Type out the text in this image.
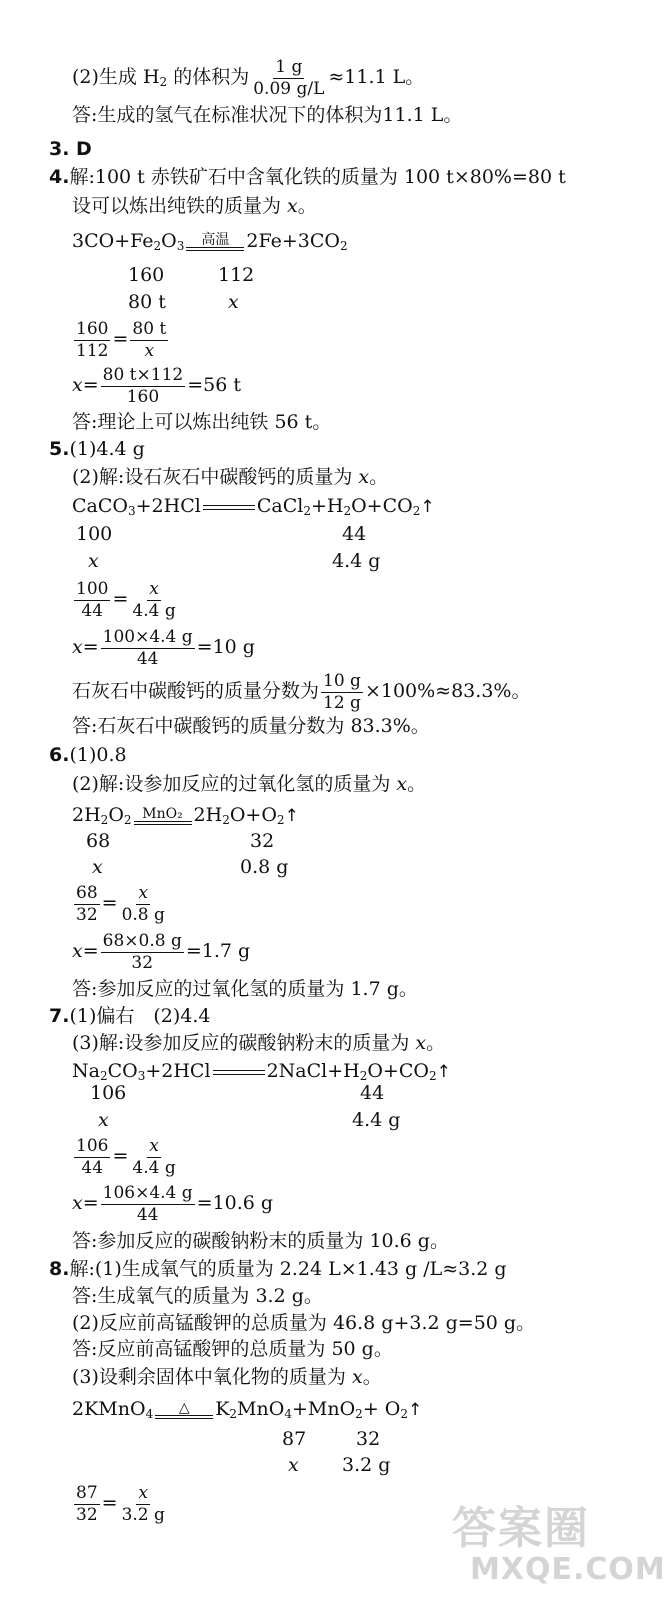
(2)生成 $H_2$ 的体积为 $\frac{1 g}{0.09 g/L} \approx 11.1$ L。
答:生成的氢气在标准状况下的体积为11.1 L。
3. D
4.解:100 t 赤铁矿石中含氧化铁的质量为 100 t×80%=80 t
设可以炼出纯铁的质量为 x。
$3CO+Fe_2O_3$ 高温 $2Fe+3CO_2$
160	112
80 t	x
$\frac{160}{112} = \frac{80 t}{x}$
$x= \frac{80 t\times 112}{160} =56$ t
答:理论上可以炼出纯铁 56 t。
5.(1)4.4 g
(2)解:设石灰石中碳酸钙的质量为 x。
CaCO$_3$+2HCl	$CaCl_2+H_2O+CO_2↑$
100	44
x	4.4 g
$\frac{100}{44} = \frac{x}{4.4 g}$
$x= \frac{100\times 4.4 g}{44} =10$ g
石灰石中碳酸钙的质量分数为 $\frac{10 g}{12 g} \times 100\%\approx 83.3\%$。
答:石灰石中碳酸钙的质量分数为 83.3%。
6.(1)0.8
(2)解:设参加反应的过氧化氢的质量为 x。
$2H_2O_2$ MnO₂ $2H_2O+O_2↑$
68	32
x	0.8 g
$\frac{68}{32} = \frac{x}{0.8 g}$
$x= \frac{68\times 0.8 g}{32} =1.7$ g
答:参加反应的过氧化氢的质量为 1.7 g。
7.(1)偏右　(2)4.4
(3)解:设参加反应的碳酸钠粉末的质量为 x。
$Na_2CO_3+2HCl$	$2NaCl+H_2O+CO_2↑$
106	44
x	4.4 g
$\frac{106}{44} = \frac{x}{4.4 g}$
$x= \frac{106\times 4.4 g}{44} =10.6$ g
答:参加反应的碳酸钠粉末的质量为 10.6 g。
8.解:(1)生成氧气的质量为 2.24 L×1.43 g /L≈3.2 g
答:生成氧气的质量为 3.2 g。
(2)反应前高锰酸钾的总质量为 46.8 g+3.2 g=50 g。
答:反应前高锰酸钾的总质量为 50 g。
(3)设剩余固体中氧化物的质量为 x。
2KMnO$_4$ △ $K_2MnO_4+MnO_2+$ $O_2↑$
87	32
x 3.2 g
$\frac{87}{32} = \frac{x}{3.2 g}$	答案圈
MXQE.COM
